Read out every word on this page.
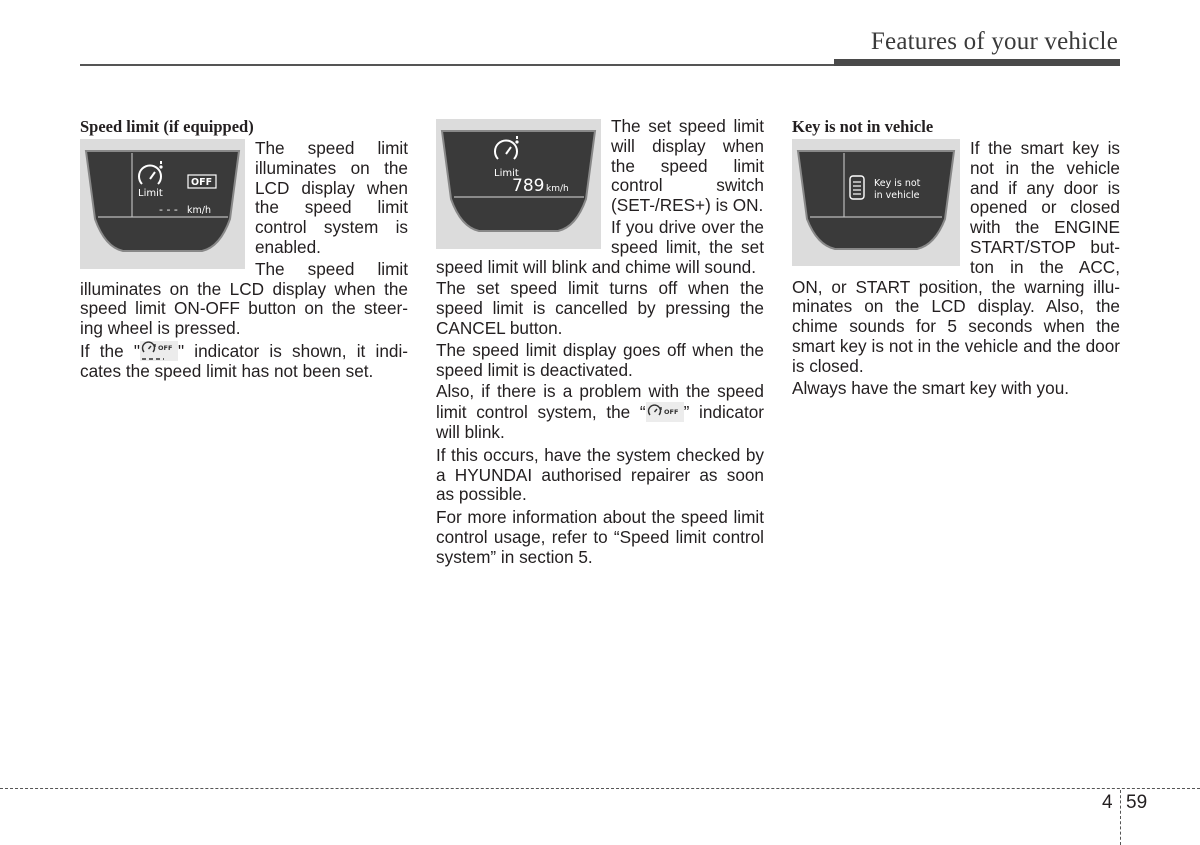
Features of your vehicle
Speed limit (if equipped)
Limit
OFF
- - - km/h

The speed limit illuminates on the LCD display when the speed limit control system is enabled.

The speed limit illuminates on the LCD display when the speed limit ON-OFF button on the steer-ing wheel is pressed.

If the "	OFF " indicator is shown, it indi-cates the speed limit has not been set.

Limit
789 km/h

The set speed limit will display when the speed limit control switch (SET-/RES+) is ON.

If you drive over the speed limit, the set speed limit will blink and chime will sound.

The set speed limit turns off when the speed limit is cancelled by pressing the CANCEL button.

The speed limit display goes off when the speed limit is deactivated.

Also, if there is a problem with the speed limit control system, the “	OFF ” indicator will blink.

If this occurs, have the system checked by a HYUNDAI authorised repairer as soon as possible.

For more information about the speed limit control usage, refer to “Speed limit control system” in section 5.

Key is not in vehicle
Key is not
in vehicle

If the smart key is not in the vehicle and if any door is opened or closed with the ENGINE START/STOP but-ton in the ACC, ON, or START position, the warning illu-minates on the LCD display. Also, the chime sounds for 5 seconds when the smart key is not in the vehicle and the door is closed.

Always have the smart key with you.

4 59
